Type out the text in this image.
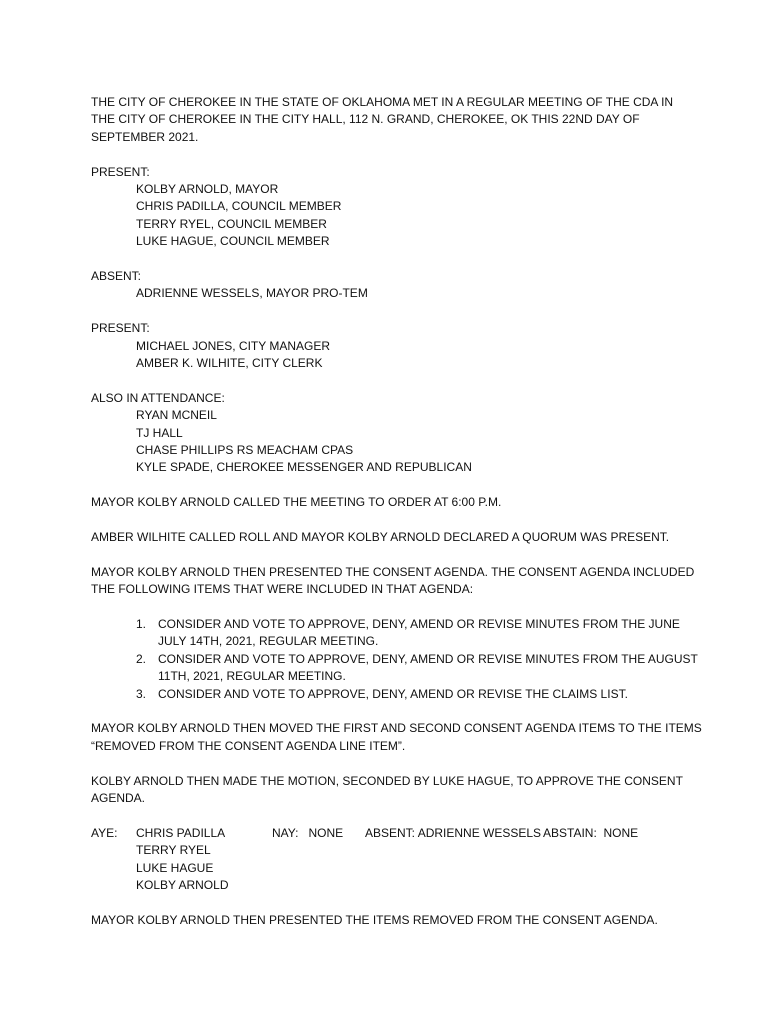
THE CITY OF CHEROKEE IN THE STATE OF OKLAHOMA MET IN A REGULAR MEETING OF THE CDA IN THE CITY OF CHEROKEE IN THE CITY HALL, 112 N. GRAND, CHEROKEE, OK THIS 22ND DAY OF SEPTEMBER 2021.

PRESENT:
KOLBY ARNOLD, MAYOR
CHRIS PADILLA, COUNCIL MEMBER
TERRY RYEL, COUNCIL MEMBER
LUKE HAGUE, COUNCIL MEMBER
ABSENT:
ADRIENNE WESSELS, MAYOR PRO-TEM
PRESENT:
MICHAEL JONES, CITY MANAGER
AMBER K. WILHITE, CITY CLERK
ALSO IN ATTENDANCE:
RYAN MCNEIL
TJ HALL
CHASE PHILLIPS RS MEACHAM CPAS
KYLE SPADE, CHEROKEE MESSENGER AND REPUBLICAN

MAYOR KOLBY ARNOLD CALLED THE MEETING TO ORDER AT 6:00 P.M.

AMBER WILHITE CALLED ROLL AND MAYOR KOLBY ARNOLD DECLARED A QUORUM WAS PRESENT.

MAYOR KOLBY ARNOLD THEN PRESENTED THE CONSENT AGENDA. THE CONSENT AGENDA INCLUDED
THE FOLLOWING ITEMS THAT WERE INCLUDED IN THAT AGENDA:
1. CONSIDER AND VOTE TO APPROVE, DENY, AMEND OR REVISE MINUTES FROM THE JUNE
JULY 14TH, 2021, REGULAR MEETING.
2. CONSIDER AND VOTE TO APPROVE, DENY, AMEND OR REVISE MINUTES FROM THE AUGUST
11TH, 2021, REGULAR MEETING.
3. CONSIDER AND VOTE TO APPROVE, DENY, AMEND OR REVISE THE CLAIMS LIST.
MAYOR KOLBY ARNOLD THEN MOVED THE FIRST AND SECOND CONSENT AGENDA ITEMS TO THE ITEMS
“REMOVED FROM THE CONSENT AGENDA LINE ITEM”.
KOLBY ARNOLD THEN MADE THE MOTION, SECONDED BY LUKE HAGUE, TO APPROVE THE CONSENT
AGENDA.
AYE: CHRIS PADILLA
TERRY RYEL
LUKE HAGUE
KOLBY ARNOLD
NAY:   NONE ABSENT: ADRIENNE WESSELS ABSTAIN:  NONE

MAYOR KOLBY ARNOLD THEN PRESENTED THE ITEMS REMOVED FROM THE CONSENT AGENDA.
